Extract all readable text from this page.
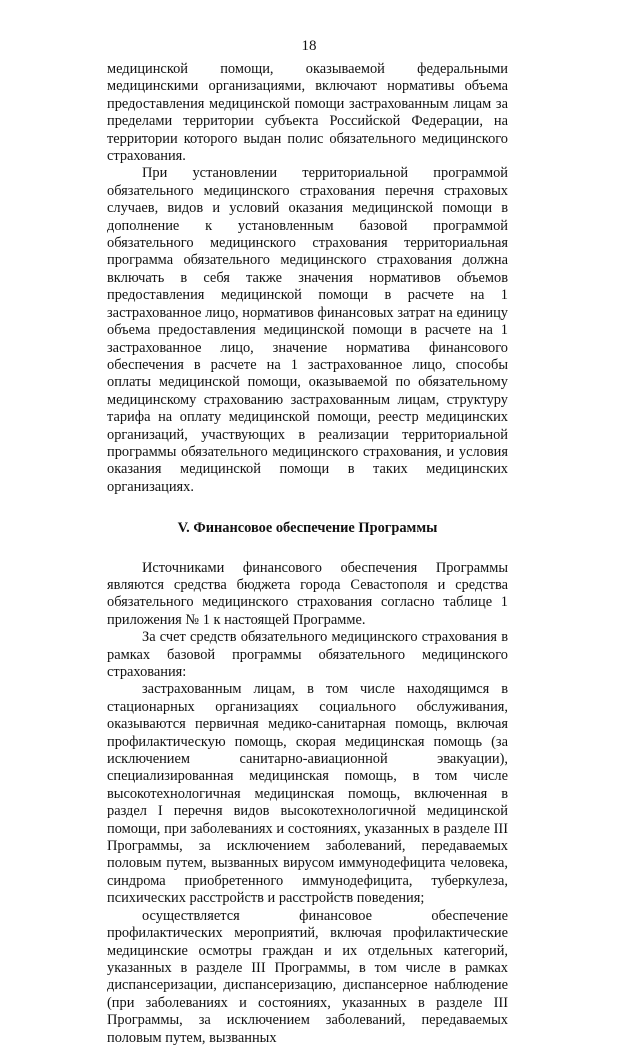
18

медицинской помощи, оказываемой федеральными медицинскими организациями, включают нормативы объема предоставления медицинской помощи застрахованным лицам за пределами территории субъекта Российской Федерации, на территории которого выдан полис обязательного медицинского страхования.

При установлении территориальной программой обязательного медицинского страхования перечня страховых случаев, видов и условий оказания медицинской помощи в дополнение к установленным базовой программой обязательного медицинского страхования территориальная программа обязательного медицинского страхования должна включать в себя также значения нормативов объемов предоставления медицинской помощи в расчете на 1 застрахованное лицо, нормативов финансовых затрат на единицу объема предоставления медицинской помощи в расчете на 1 застрахованное лицо, значение норматива финансового обеспечения в расчете на 1 застрахованное лицо, способы оплаты медицинской помощи, оказываемой по обязательному медицинскому страхованию застрахованным лицам, структуру тарифа на оплату медицинской помощи, реестр медицинских организаций, участвующих в реализации территориальной программы обязательного медицинского страхования, и условия оказания медицинской помощи в таких медицинских организациях.

V. Финансовое обеспечение Программы

Источниками финансового обеспечения Программы являются средства бюджета города Севастополя и средства обязательного медицинского страхования согласно таблице 1 приложения № 1 к настоящей Программе.

За счет средств обязательного медицинского страхования в рамках базовой программы обязательного медицинского страхования:

застрахованным лицам, в том числе находящимся в стационарных организациях социального обслуживания, оказываются первичная медико-санитарная помощь, включая профилактическую помощь, скорая медицинская помощь (за исключением санитарно-авиационной эвакуации), специализированная медицинская помощь, в том числе высокотехнологичная медицинская помощь, включенная в раздел I перечня видов высокотехнологичной медицинской помощи, при заболеваниях и состояниях, указанных в разделе III Программы, за исключением заболеваний, передаваемых половым путем, вызванных вирусом иммунодефицита человека, синдрома приобретенного иммунодефицита, туберкулеза, психических расстройств и расстройств поведения;

осуществляется финансовое обеспечение профилактических мероприятий, включая профилактические медицинские осмотры граждан и их отдельных категорий, указанных в разделе III Программы, в том числе в рамках диспансеризации, диспансеризацию, диспансерное наблюдение (при заболеваниях и состояниях, указанных в разделе III Программы, за исключением заболеваний, передаваемых половым путем, вызванных
